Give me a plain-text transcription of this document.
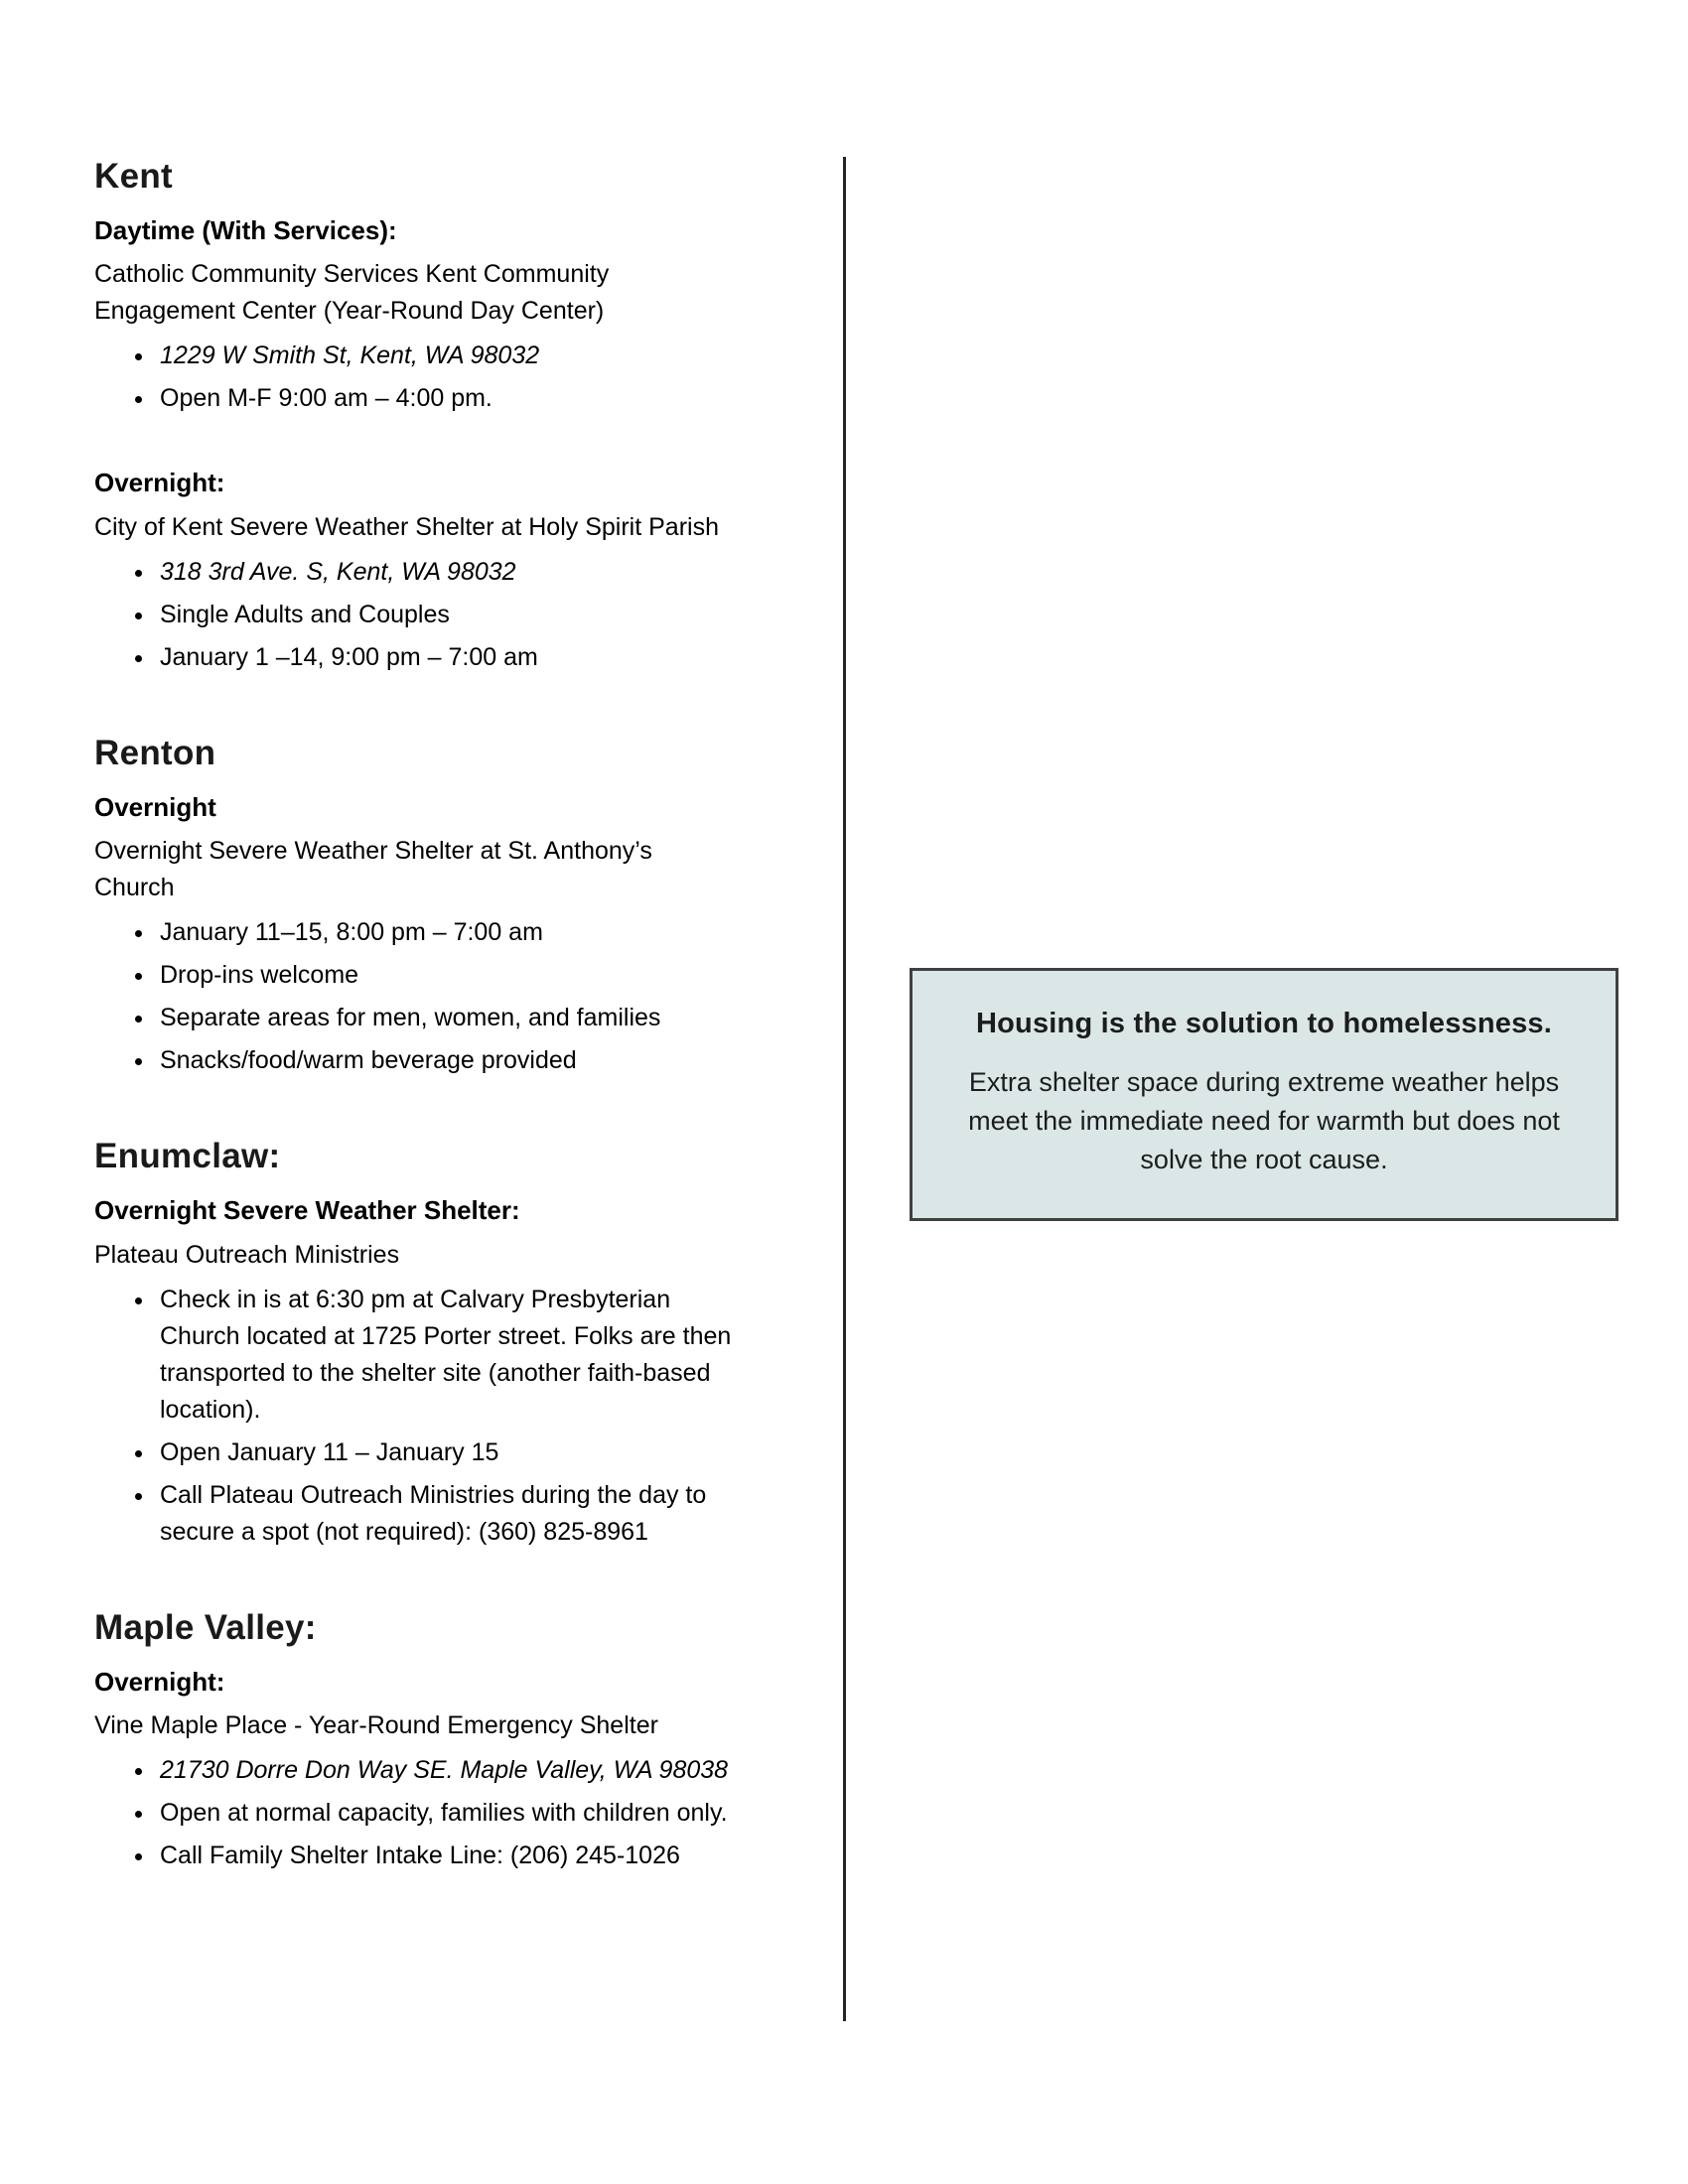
Kent

Daytime (With Services):

Catholic Community Services Kent Community Engagement Center (Year-Round Day Center)

• 1229 W Smith St, Kent, WA 98032
• Open M-F 9:00 am – 4:00 pm.

Overnight:

City of Kent Severe Weather Shelter at Holy Spirit Parish

• 318 3rd Ave. S, Kent, WA 98032
• Single Adults and Couples
• January 1 –14, 9:00 pm – 7:00 am
Renton

Overnight

Overnight Severe Weather Shelter at St. Anthony’s Church

• January 11–15, 8:00 pm – 7:00 am
• Drop-ins welcome
• Separate areas for men, women, and families
• Snacks/food/warm beverage provided
Enumclaw:

Overnight Severe Weather Shelter:

Plateau Outreach Ministries

• Check in is at 6:30 pm at Calvary Presbyterian Church located at 1725 Porter street. Folks are then transported to the shelter site (another faith-based location).
• Open January 11 – January 15
• Call Plateau Outreach Ministries during the day to secure a spot (not required): (360) 825-8961
Maple Valley:

Overnight:

Vine Maple Place - Year-Round Emergency Shelter

• 21730 Dorre Don Way SE. Maple Valley, WA 98038
• Open at normal capacity, families with children only.
• Call Family Shelter Intake Line: (206) 245-1026

Housing is the solution to homelessness.

Extra shelter space during extreme weather helps meet the immediate need for warmth but does not solve the root cause.
